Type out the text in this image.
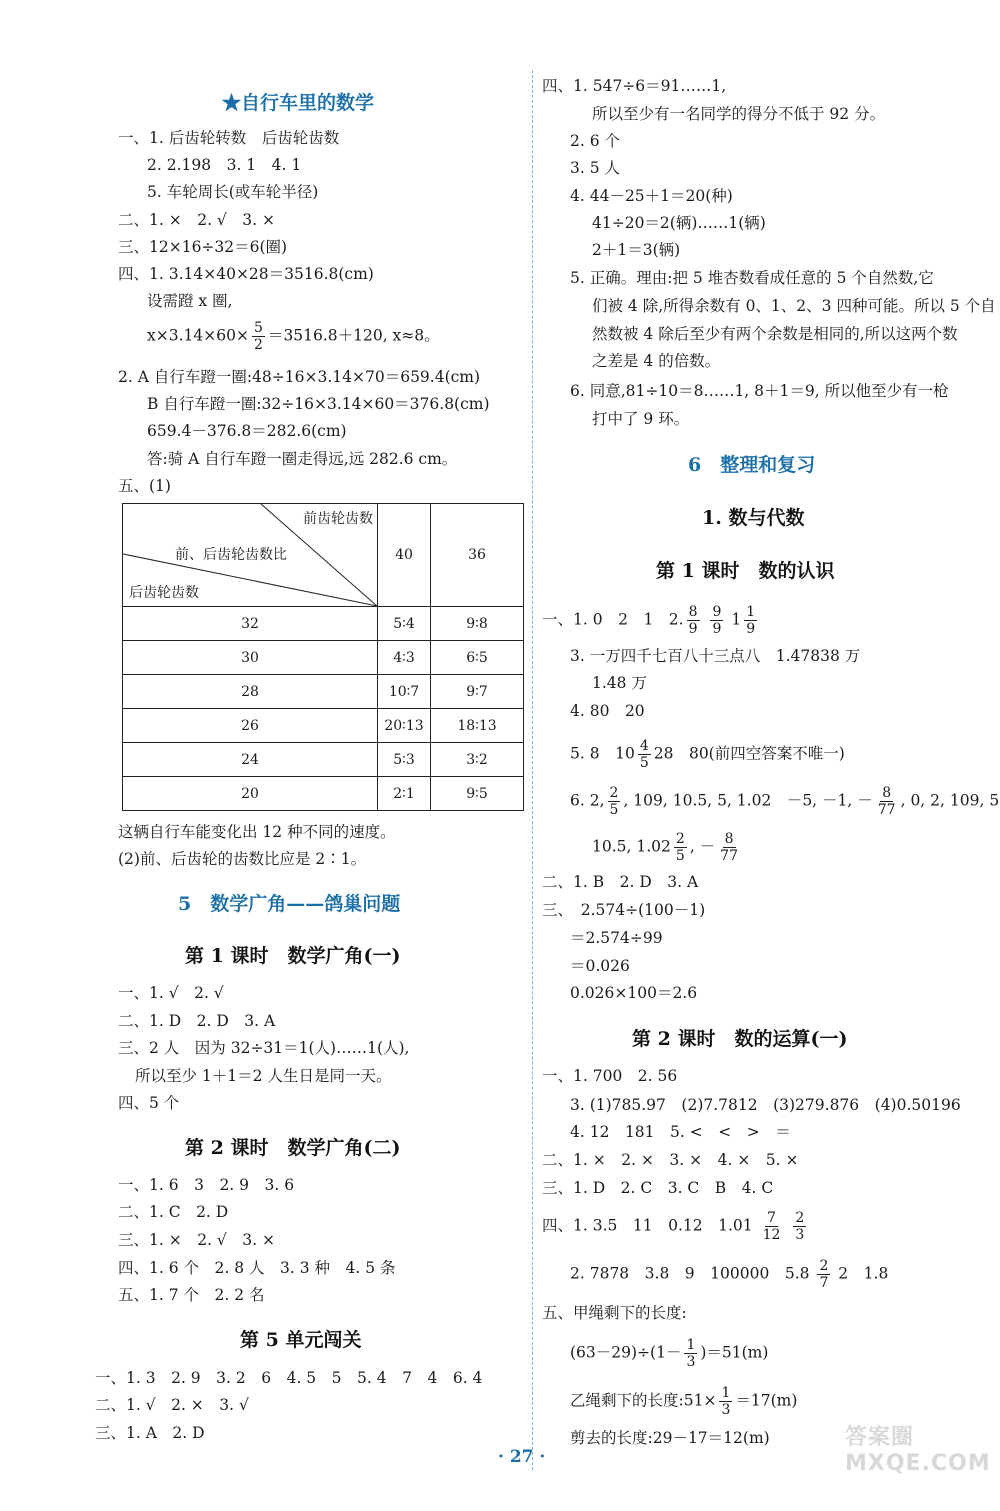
★自行车里的数学
一、1. 后齿轮转数　后齿轮齿数
2. 2.198　3. 1　4. 1
5. 车轮周长(或车轮半径)
二、1. ×　2. √　3. ×
三、12×16÷32＝6(圈)
四、1. 3.14×40×28＝3516.8(cm)
设需蹬 x 圈,
$x\times 3.14\times 60\times \frac{5}{2} =3516.8+120$, x≈8。
2. A 自行车蹬一圈:48÷16×3.14×70＝659.4(cm)
B 自行车蹬一圈:32÷16×3.14×60＝376.8(cm)
659.4－376.8＝282.6(cm)
答:骑 A 自行车蹬一圈走得远,远 282.6 cm。
五、(1)
前齿轮齿数
前、后齿轮齿数比
后齿轮齿数	40	36
32	5∶4	9∶8
30	4∶3	6∶5
28	10∶7	9∶7
26	20∶13	18∶13
24	5∶3	3∶2
20	2∶1	9∶5
这辆自行车能变化出 12 种不同的速度。
(2)前、后齿轮的齿数比应是 2∶1。
5　数学广角——鸽巢问题
第 1 课时　数学广角(一)
一、1. √　2. √
二、1. D　2. D　3. A
三、2 人　因为 32÷31＝1(人)……1(人),
所以至少 1＋1＝2 人生日是同一天。
四、5 个
第 2 课时　数学广角(二)
一、1. 6　3　2. 9　3. 6
二、1. C　2. D
三、1. ×　2. √　3. ×
四、1. 6 个　2. 8 人　3. 3 种　4. 5 条
五、1. 7 个　2. 2 名
第 5 单元闯关
一、1. 3　2. 9　3. 2　6　4. 5　5　5. 4　7　4　6. 4
二、1. √　2. ×　3. √
三、1. A　2. D
四、1. 547÷6＝91……1,
所以至少有一名同学的得分不低于 92 分。
2. 6 个
3. 5 人
4. 44－25＋1＝20(种)
41÷20＝2(辆)……1(辆)
2＋1＝3(辆)
5. 正确。理由:把 5 堆杏数看成任意的 5 个自然数,它
们被 4 除,所得余数有 0、1、2、3 四种可能。所以 5 个自
然数被 4 除后至少有两个余数是相同的,所以这两个数
之差是 4 的倍数。
6. 同意,81÷10＝8……1, 8＋1＝9, 所以他至少有一枪
打中了 9 环。
6　整理和复习
1. 数与代数
第 1 课时　数的认识
一、1. 0　2　1　2. $\frac{8}{9}$
$\frac{9}{9} 1 \frac{1}{9}$
3. 一万四千七百八十三点八　1.47838 万
1.48 万
4. 80　20
5. 8　$10 \frac{4}{5} 28$　80(前四空答案不唯一)
6. 2, $\frac{2}{5}$ , 109, 10.5, 5, 1.02　－5, －1, － $\frac{8}{77}$ , 0, 2, 109, 5
10.5, $1.02 \frac{2}{5}$ , － $\frac{8}{77}$
二、1. B　2. D　3. A
三、　2.574÷(100－1)
＝2.574÷99
＝0.026
0.026×100＝2.6
第 2 课时　数的运算(一)
一、1. 700　2. 56
3. (1)785.97　(2)7.7812　(3)279.876　(4)0.50196
4. 12　181　5. <　<　>　＝
二、1. ×　2. ×　3. ×　4. ×　5. ×
三、1. D　2. C　3. C　B　4. C
四、1. 3.5　11　0.12　$1.01 \frac{7}{12}$
$\frac{2}{3}$
2. 7878　3.8　9　100000　$5.8 \frac{2}{7} 2$　1.8
五、甲绳剩下的长度:
$(63-29)\div(1- \frac{1}{3} )=51(m)$
乙绳剩下的长度:51× $\frac{1}{3} =17(m)$
剪去的长度:29－17＝12(m)
· 27 ·
答案圈 MXQE.COM
